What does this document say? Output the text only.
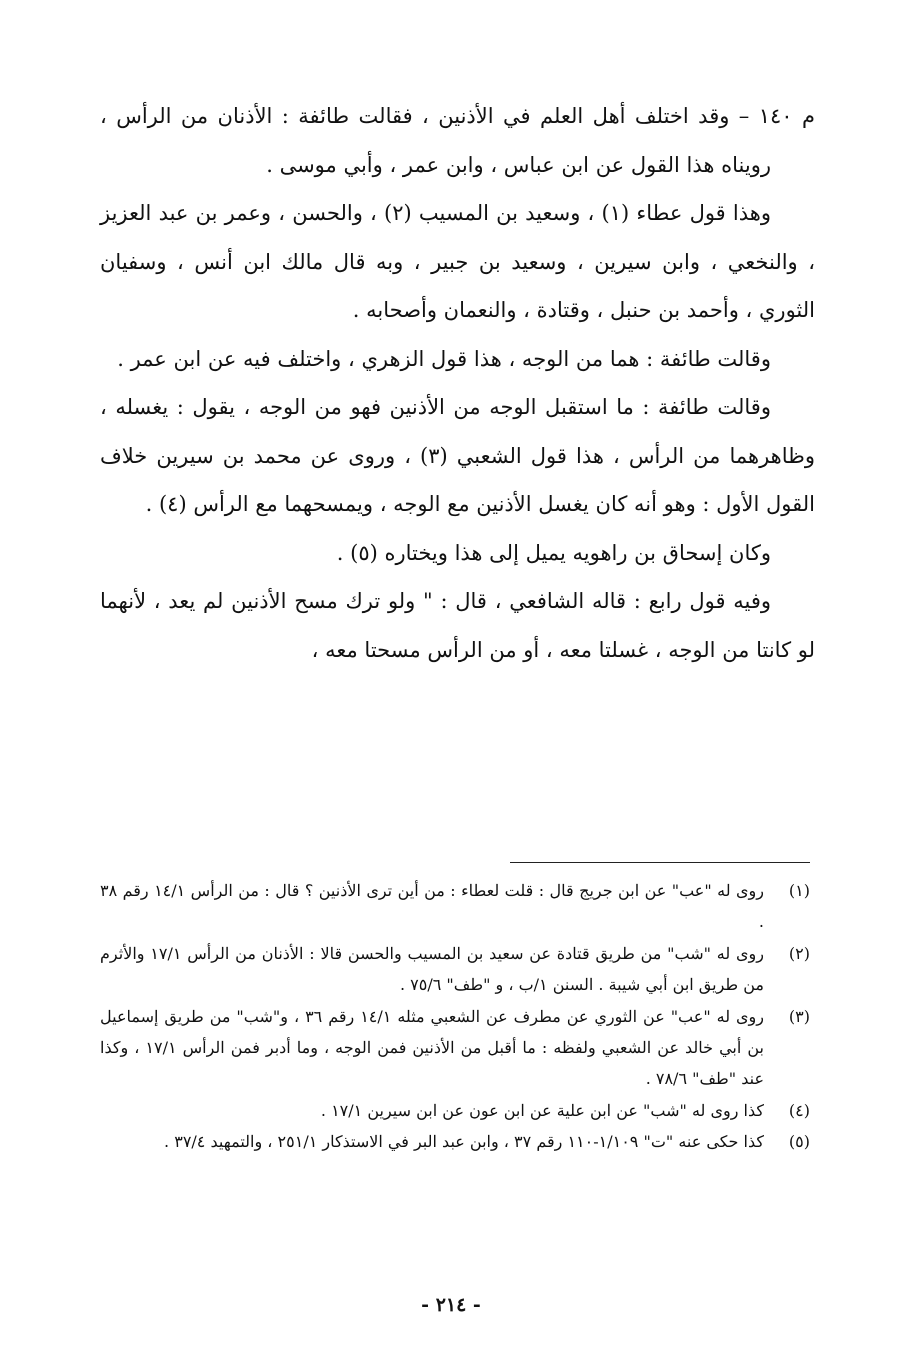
م ١٤٠ – وقد اختلف أهل العلم في الأذنين ، فقالت طائفة : الأذنان من الرأس ، رويناه هذا القول عن ابن عباس ، وابن عمر ، وأبي موسى .

وهذا قول عطاء (١) ، وسعيد بن المسيب (٢) ، والحسن ، وعمر بن عبد العزيز ، والنخعي ، وابن سيرين ، وسعيد بن جبير ، وبه قال مالك ابن أنس ، وسفيان الثوري ، وأحمد بن حنبل ، وقتادة ، والنعمان وأصحابه .

وقالت طائفة : هما من الوجه ، هذا قول الزهري ، واختلف فيه عن ابن عمر .

وقالت طائفة : ما استقبل الوجه من الأذنين فهو من الوجه ، يقول : يغسله ، وظاهرهما من الرأس ، هذا قول الشعبي (٣) ، وروى عن محمد بن سيرين خلاف القول الأول : وهو أنه كان يغسل الأذنين مع الوجه ، ويمسحهما مع الرأس (٤) .

وكان إسحاق بن راهويه يميل إلى هذا ويختاره (٥) .

وفيه قول رابع : قاله الشافعي ، قال : " ولو ترك مسح الأذنين لم يعد ، لأنهما لو كانتا من الوجه ، غسلتا معه ، أو من الرأس مسحتا معه ،

(١)
روى له "عب" عن ابن جريج قال : قلت لعطاء : من أين ترى الأذنين ؟ قال : من الرأس ١٤/١ رقم ٣٨ .
(٢)
روى له "شب" من طريق قتادة عن سعيد بن المسيب والحسن قالا : الأذنان من الرأس ١٧/١ والأثرم من طريق ابن أبي شيبة . السنن ١/ب ، و "طف" ٧٥/٦ .
(٣)
روى له "عب" عن الثوري عن مطرف عن الشعبي مثله ١٤/١ رقم ٣٦ ، و"شب" من طريق إسماعيل بن أبي خالد عن الشعبي ولفظه : ما أقبل من الأذنين فمن الوجه ، وما أدبر فمن الرأس ١٧/١ ، وكذا عند "طف" ٧٨/٦ .
(٤)
كذا روى له "شب" عن ابن علية عن ابن عون عن ابن سيرين ١٧/١ .
(٥)
كذا حكى عنه "ت" ١/١٠٩-١١٠ رقم ٣٧ ، وابن عبد البر في الاستذكار ٢٥١/١ ، والتمهيد ٣٧/٤ .
- ٢١٤ -
